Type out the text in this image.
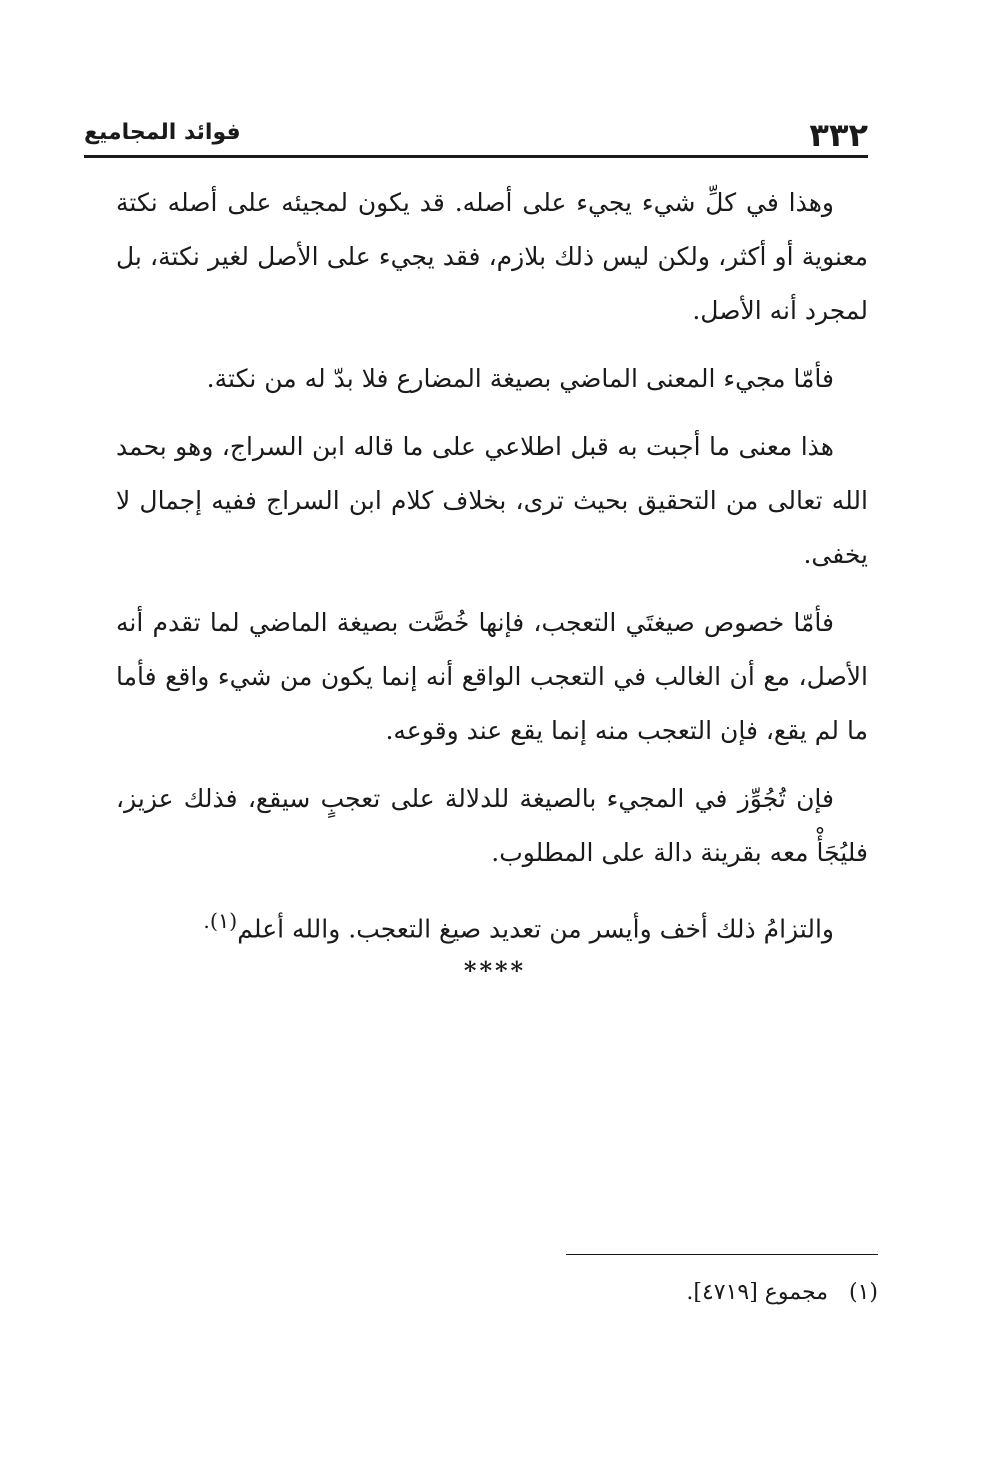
٣٣٢
فوائد المجاميع

وهذا في كلِّ شيء يجيء على أصله. قد يكون لمجيئه على أصله نكتة معنوية أو أكثر، ولكن ليس ذلك بلازم، فقد يجيء على الأصل لغير نكتة، بل لمجرد أنه الأصل.

فأمّا مجيء المعنى الماضي بصيغة المضارع فلا بدّ له من نكتة.

هذا معنى ما أجبت به قبل اطلاعي على ما قاله ابن السراج، وهو بحمد الله تعالى من التحقيق بحيث ترى، بخلاف كلام ابن السراج ففيه إجمال لا يخفى.

فأمّا خصوص صيغتَي التعجب، فإنها خُصَّت بصيغة الماضي لما تقدم أنه الأصل، مع أن الغالب في التعجب الواقع أنه إنما يكون من شيء واقع فأما ما لم يقع، فإن التعجب منه إنما يقع عند وقوعه.

فإن تُجُوِّز في المجيء بالصيغة للدلالة على تعجبٍ سيقع، فذلك عزيز، فليُجَأْ معه بقرينة دالة على المطلوب.

والتزامُ ذلك أخف وأيسر من تعديد صيغ التعجب. والله أعلم$^{(١).}$

****
(١) مجموع [٤٧١٩].
